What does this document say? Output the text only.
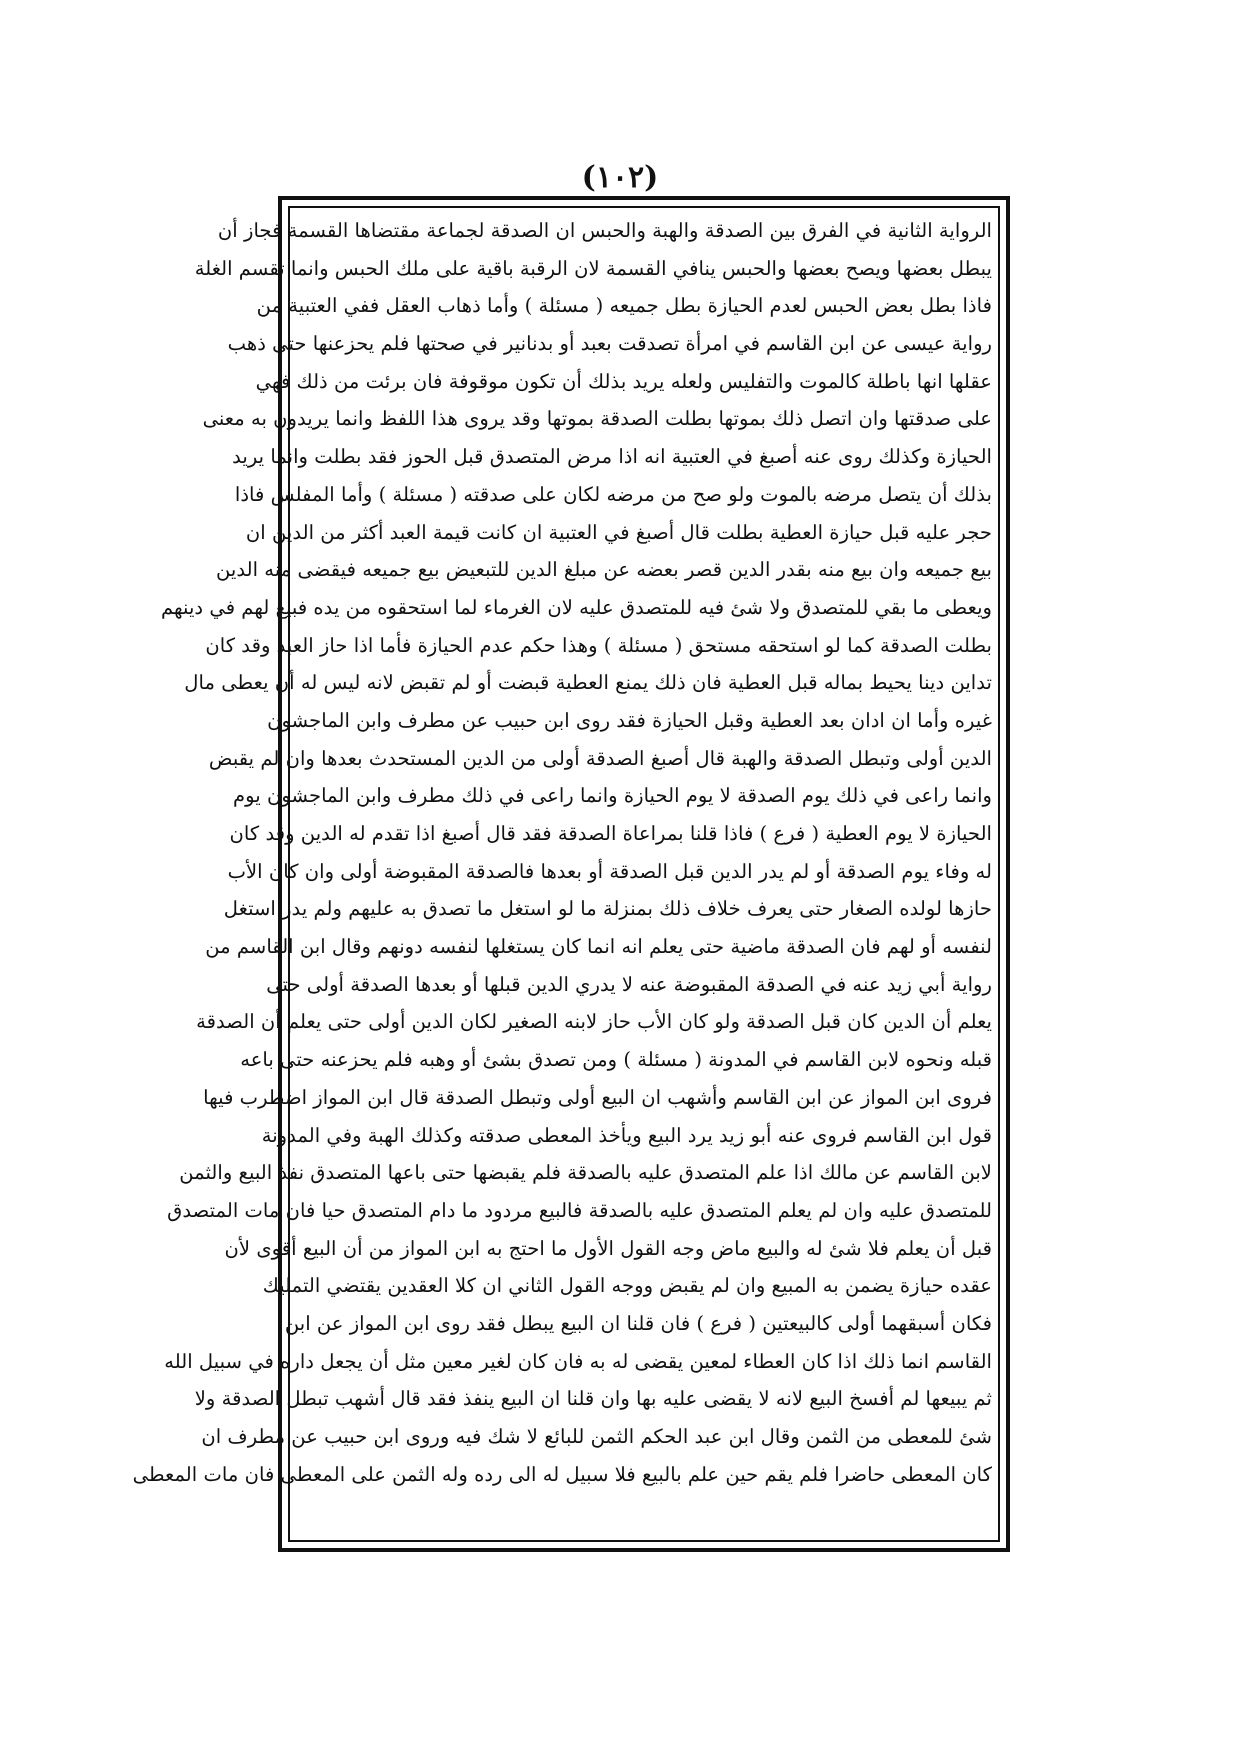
(١٠٢)
الرواية الثانية في الفرق بين الصدقة والهبة والحبس ان الصدقة لجماعة مقتضاها القسمة فجاز أن
يبطل بعضها ويصح بعضها والحبس ينافي القسمة لان الرقبة باقية على ملك الحبس وانما تقسم الغلة
فاذا بطل بعض الحبس لعدم الحيازة بطل جميعه ( مسئلة ) وأما ذهاب العقل ففي العتبية من
رواية عيسى عن ابن القاسم في امرأة تصدقت بعبد أو بدنانير في صحتها فلم يحزعنها حتى ذهب
عقلها انها باطلة كالموت والتفليس ولعله يريد بذلك أن تكون موقوفة فان برئت من ذلك فهي
على صدقتها وان اتصل ذلك بموتها بطلت الصدقة بموتها وقد يروى هذا اللفظ وانما يريدون به معنى
الحيازة وكذلك روى عنه أصبغ في العتبية انه اذا مرض المتصدق قبل الحوز فقد بطلت وانما يريد
بذلك أن يتصل مرضه بالموت ولو صح من مرضه لكان على صدقته ( مسئلة ) وأما المفلس فاذا
حجر عليه قبل حيازة العطية بطلت قال أصبغ في العتبية ان كانت قيمة العبد أكثر من الدين ان
بيع جميعه وان بيع منه بقدر الدين قصر بعضه عن مبلغ الدين للتبعيض بيع جميعه فيقضى منه الدين
ويعطى ما بقي للمتصدق ولا شئ فيه للمتصدق عليه لان الغرماء لما استحقوه من يده فبيع لهم في دينهم
بطلت الصدقة كما لو استحقه مستحق ( مسئلة ) وهذا حكم عدم الحيازة فأما اذا حاز العبد وقد كان
تداين دينا يحيط بماله قبل العطية فان ذلك يمنع العطية قبضت أو لم تقبض لانه ليس له أن يعطى مال
غيره وأما ان ادان بعد العطية وقبل الحيازة فقد روى ابن حبيب عن مطرف وابن الماجشون
الدين أولى وتبطل الصدقة والهبة قال أصبغ الصدقة أولى من الدين المستحدث بعدها وان لم يقبض
وانما راعى في ذلك يوم الصدقة لا يوم الحيازة وانما راعى في ذلك مطرف وابن الماجشون يوم
الحيازة لا يوم العطية ( فرع ) فاذا قلنا بمراعاة الصدقة فقد قال أصبغ اذا تقدم له الدين وقد كان
له وفاء يوم الصدقة أو لم يدر الدين قبل الصدقة أو بعدها فالصدقة المقبوضة أولى وان كان الأب
حازها لولده الصغار حتى يعرف خلاف ذلك بمنزلة ما لو استغل ما تصدق به عليهم ولم يدر استغل
لنفسه أو لهم فان الصدقة ماضية حتى يعلم انه انما كان يستغلها لنفسه دونهم وقال ابن القاسم من
رواية أبي زيد عنه في الصدقة المقبوضة عنه لا يدري الدين قبلها أو بعدها الصدقة أولى حتى
يعلم أن الدين كان قبل الصدقة ولو كان الأب حاز لابنه الصغير لكان الدين أولى حتى يعلم أن الصدقة
قبله ونحوه لابن القاسم في المدونة ( مسئلة ) ومن تصدق بشئ أو وهبه فلم يحزعنه حتى باعه
فروى ابن المواز عن ابن القاسم وأشهب ان البيع أولى وتبطل الصدقة قال ابن المواز اضطرب فيها
قول ابن القاسم فروى عنه أبو زيد يرد البيع ويأخذ المعطى صدقته وكذلك الهبة وفي المدونة
لابن القاسم عن مالك اذا علم المتصدق عليه بالصدقة فلم يقبضها حتى باعها المتصدق نفذ البيع والثمن
للمتصدق عليه وان لم يعلم المتصدق عليه بالصدقة فالبيع مردود ما دام المتصدق حيا فان مات المتصدق
قبل أن يعلم فلا شئ له والبيع ماض وجه القول الأول ما احتج به ابن المواز من أن البيع أقوى لأن
عقده حيازة يضمن به المبيع وان لم يقبض ووجه القول الثاني ان كلا العقدين يقتضي التمليك
فكان أسبقهما أولى كالبيعتين ( فرع ) فان قلنا ان البيع يبطل فقد روى ابن المواز عن ابن
القاسم انما ذلك اذا كان العطاء لمعين يقضى له به فان كان لغير معين مثل أن يجعل داره في سبيل الله
ثم يبيعها لم أفسخ البيع لانه لا يقضى عليه بها وان قلنا ان البيع ينفذ فقد قال أشهب تبطل الصدقة ولا
شئ للمعطى من الثمن وقال ابن عبد الحكم الثمن للبائع لا شك فيه وروى ابن حبيب عن مطرف ان
كان المعطى حاضرا فلم يقم حين علم بالبيع فلا سبيل له الى رده وله الثمن على المعطى فان مات المعطى
